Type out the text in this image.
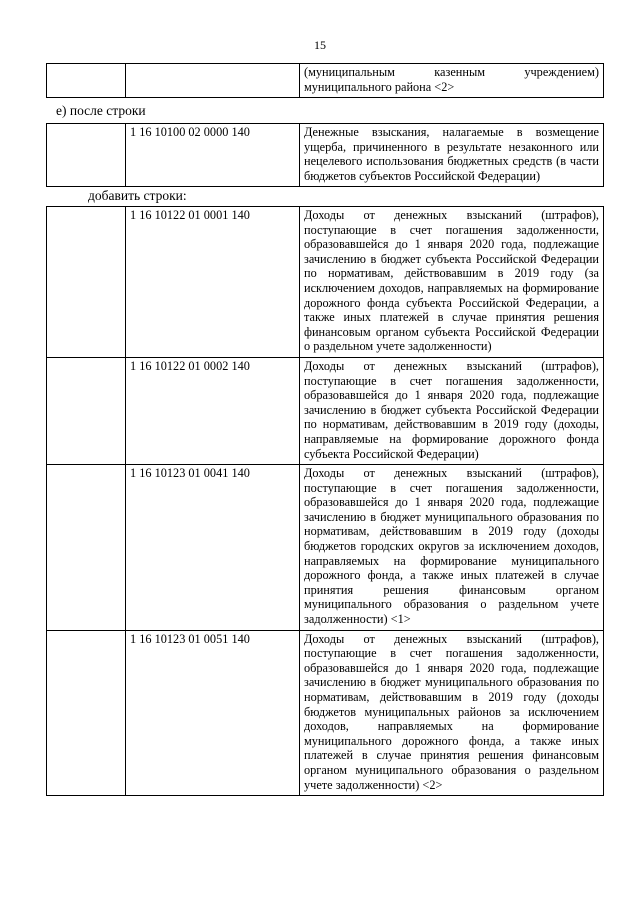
15
		(муниципальным казенным учреждением) муниципального района <2>
е) после строки
	1 16 10100 02 0000 140	Денежные взыскания, налагаемые в возмещение ущерба, причиненного в результате незаконного или нецелевого использования бюджетных средств (в части бюджетов субъектов Российской Федерации)
добавить строки:
	1 16 10122 01 0001 140	Доходы от денежных взысканий (штрафов), поступающие в счет погашения задолженности, образовавшейся до 1 января 2020 года, подлежащие зачислению в бюджет субъекта Российской Федерации по нормативам, действовавшим в 2019 году (за исключением доходов, направляемых на формирование дорожного фонда субъекта Российской Федерации, а также иных платежей в случае принятия решения финансовым органом субъекта Российской Федерации о раздельном учете задолженности)
	1 16 10122 01 0002 140	Доходы от денежных взысканий (штрафов), поступающие в счет погашения задолженности, образовавшейся до 1 января 2020 года, подлежащие зачислению в бюджет субъекта Российской Федерации по нормативам, действовавшим в 2019 году (доходы, направляемые на формирование дорожного фонда субъекта Российской Федерации)
	1 16 10123 01 0041 140	Доходы от денежных взысканий (штрафов), поступающие в счет погашения задолженности, образовавшейся до 1 января 2020 года, подлежащие зачислению в бюджет муниципального образования по нормативам, действовавшим в 2019 году (доходы бюджетов городских округов за исключением доходов, направляемых на формирование муниципального дорожного фонда, а также иных платежей в случае принятия решения финансовым органом муниципального образования о раздельном учете задолженности) <1>
	1 16 10123 01 0051 140	Доходы от денежных взысканий (штрафов), поступающие в счет погашения задолженности, образовавшейся до 1 января 2020 года, подлежащие зачислению в бюджет муниципального образования по нормативам, действовавшим в 2019 году (доходы бюджетов муниципальных районов за исключением доходов, направляемых на формирование муниципального дорожного фонда, а также иных платежей в случае принятия решения финансовым органом муниципального образования о раздельном учете задолженности) <2>
